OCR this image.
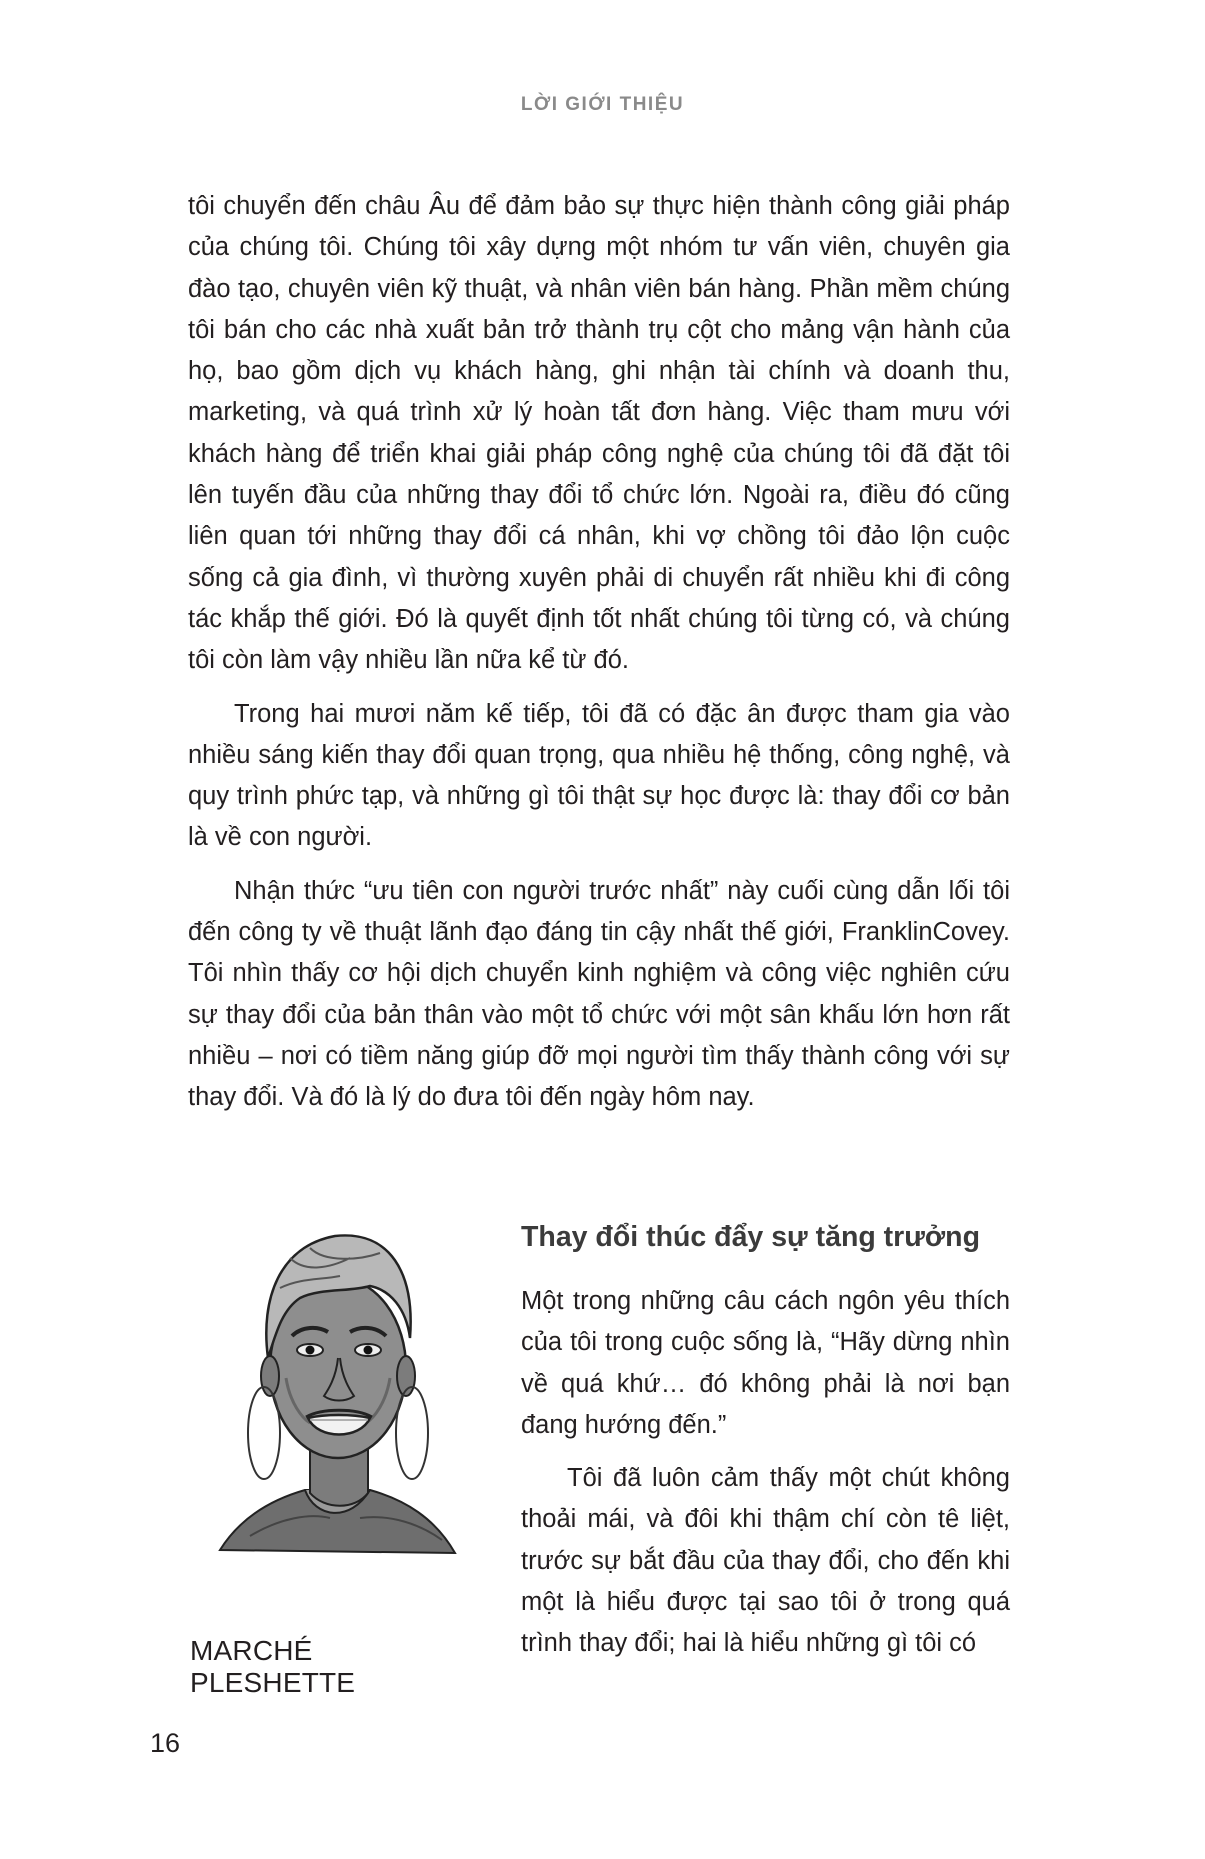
LỜI GIỚI THIỆU

tôi chuyển đến châu Âu để đảm bảo sự thực hiện thành công giải pháp của chúng tôi. Chúng tôi xây dựng một nhóm tư vấn viên, chuyên gia đào tạo, chuyên viên kỹ thuật, và nhân viên bán hàng. Phần mềm chúng tôi bán cho các nhà xuất bản trở thành trụ cột cho mảng vận hành của họ, bao gồm dịch vụ khách hàng, ghi nhận tài chính và doanh thu, marketing, và quá trình xử lý hoàn tất đơn hàng. Việc tham mưu với khách hàng để triển khai giải pháp công nghệ của chúng tôi đã đặt tôi lên tuyến đầu của những thay đổi tổ chức lớn. Ngoài ra, điều đó cũng liên quan tới những thay đổi cá nhân, khi vợ chồng tôi đảo lộn cuộc sống cả gia đình, vì thường xuyên phải di chuyển rất nhiều khi đi công tác khắp thế giới. Đó là quyết định tốt nhất chúng tôi từng có, và chúng tôi còn làm vậy nhiều lần nữa kể từ đó.

Trong hai mươi năm kế tiếp, tôi đã có đặc ân được tham gia vào nhiều sáng kiến thay đổi quan trọng, qua nhiều hệ thống, công nghệ, và quy trình phức tạp, và những gì tôi thật sự học được là: thay đổi cơ bản là về con người.

Nhận thức “ưu tiên con người trước nhất” này cuối cùng dẫn lối tôi đến công ty về thuật lãnh đạo đáng tin cậy nhất thế giới, FranklinCovey. Tôi nhìn thấy cơ hội dịch chuyển kinh nghiệm và công việc nghiên cứu sự thay đổi của bản thân vào một tổ chức với một sân khấu lớn hơn rất nhiều – nơi có tiềm năng giúp đỡ mọi người tìm thấy thành công với sự thay đổi. Và đó là lý do đưa tôi đến ngày hôm nay.

MARCHÉ PLESHETTE
Thay đổi thúc đẩy sự tăng trưởng

Một trong những câu cách ngôn yêu thích của tôi trong cuộc sống là, “Hãy dừng nhìn về quá khứ… đó không phải là nơi bạn đang hướng đến.”

Tôi đã luôn cảm thấy một chút không thoải mái, và đôi khi thậm chí còn tê liệt, trước sự bắt đầu của thay đổi, cho đến khi một là hiểu được tại sao tôi ở trong quá trình thay đổi; hai là hiểu những gì tôi có

16
